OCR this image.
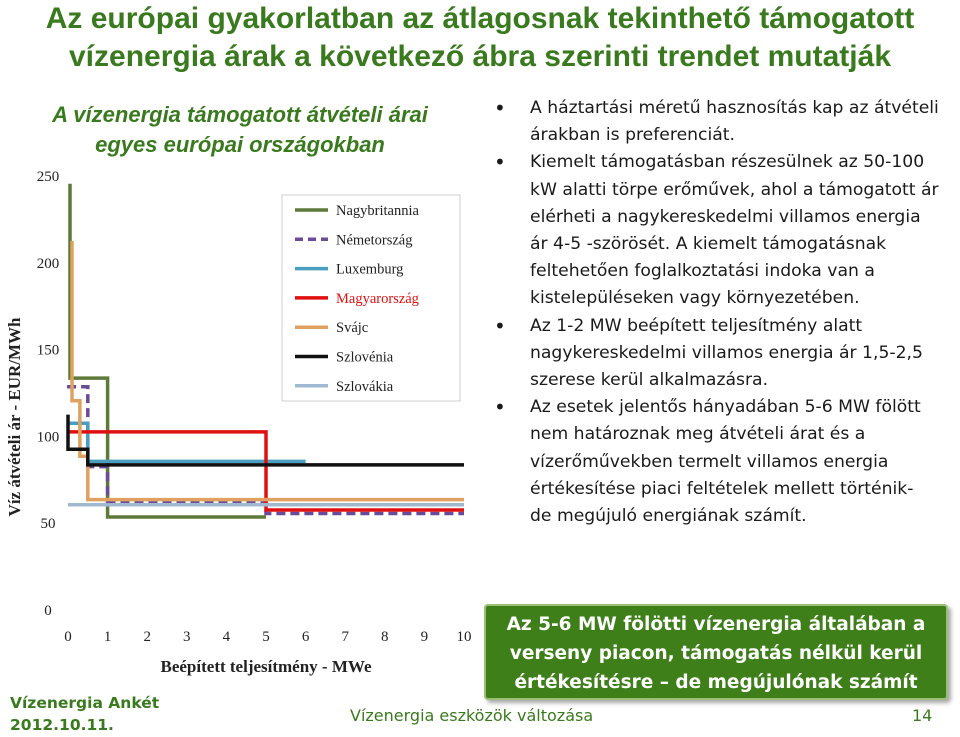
Az európai gyakorlatban az átlagosnak tekinthető támogatott
vízenergia árak a következő ábra szerinti trendet mutatják
A vízenergia támogatott átvételi árai
egyes európai országokban
0
50
100
150
200
250
0 1 2 3 4 5 6 7 8 9 10
Beépített teljesítmény - MWe
Víz átvételi ár - EUR/MWh
Nagybritannia
Németország
Luxemburg
Magyarország
Svájc
Szlovénia
Szlovákia
• A háztartási méretű hasznosítás kap az átvételi árakban is preferenciát.
• Kiemelt támogatásban részesülnek az 50-100 kW alatti törpe erőművek, ahol a támogatott ár elérheti a nagykereskedelmi villamos energia ár 4-5 -szörösét. A kiemelt támogatásnak feltehetően foglalkoztatási indoka van a kistelepüléseken vagy környezetében.
• Az 1-2 MW beépített teljesítmény alatt nagykereskedelmi villamos energia ár 1,5-2,5 szerese kerül alkalmazásra.
• Az esetek jelentős hányadában 5-6 MW fölött nem határoznak meg átvételi árat és a vízerőművekben termelt villamos energia értékesítése piaci feltételek mellett történik- de megújuló energiának számít.
Az 5-6 MW fölötti vízenergia általában a
verseny piacon, támogatás nélkül kerül
értékesítésre – de megújulónak számít
Vízenergia Ankét
2012.10.11.	Vízenergia eszközök változása	14
